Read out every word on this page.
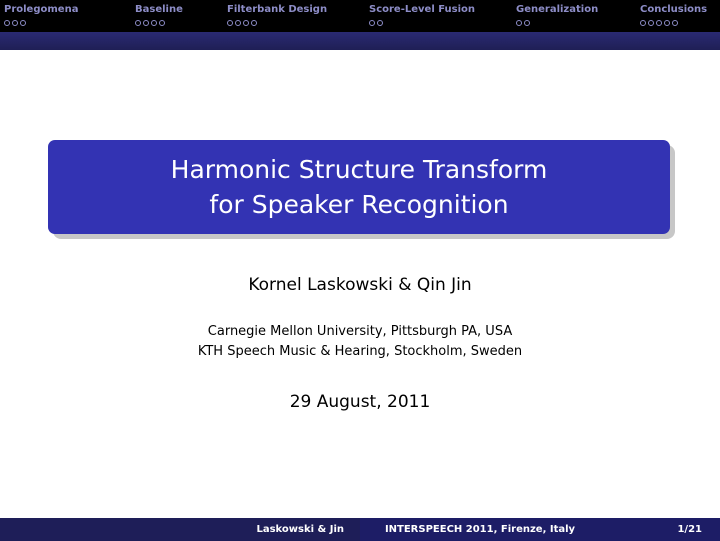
Prolegomena	Baseline	Filterbank Design	Score-Level Fusion	Generalization	Conclusions
Harmonic Structure Transform
for Speaker Recognition
Kornel Laskowski & Qin Jin
Carnegie Mellon University, Pittsburgh PA, USA
KTH Speech Music & Hearing, Stockholm, Sweden
29 August, 2011
Laskowski & Jin	INTERSPEECH 2011, Firenze, Italy	1/21
